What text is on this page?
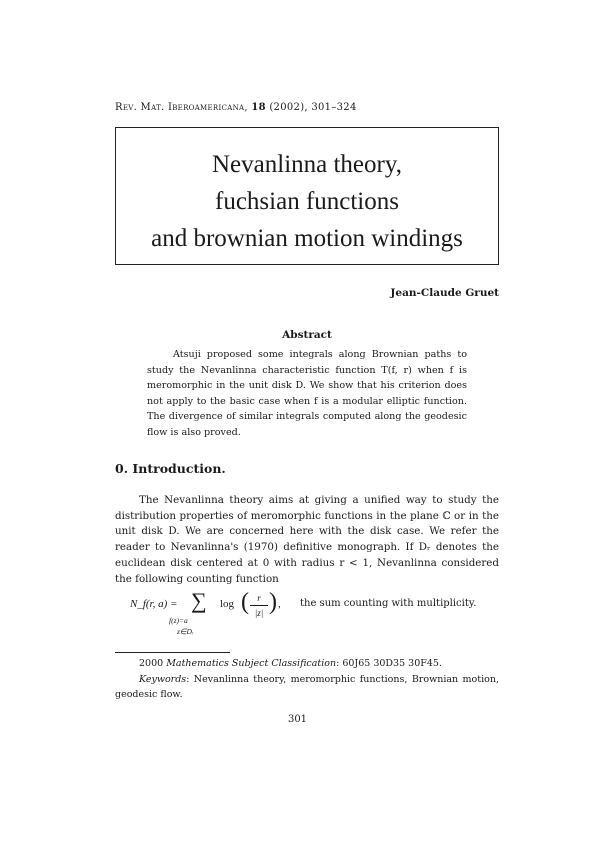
Rev. Mat. Iberoamericana, 18 (2002), 301–324
Nevanlinna theory,
fuchsian functions
and brownian motion windings
Jean-Claude Gruet
Abstract
Atsuji proposed some integrals along Brownian paths to study the Nevanlinna characteristic function T(f, r) when f is meromorphic in the unit disk D. We show that his criterion does not apply to the basic case when f is a modular elliptic function. The divergence of similar integrals computed along the geodesic flow is also proved.
0. Introduction.
The Nevanlinna theory aims at giving a unified way to study the distribution properties of meromorphic functions in the plane ℂ or in the unit disk D. We are concerned here with the disk case. We refer the reader to Nevanlinna's (1970) definitive monograph. If Dᵣ denotes the euclidean disk centered at 0 with radius r < 1, Nevanlinna considered the following counting function
N_f(r, a) = ∑
f(z)=a
z∈Dᵣ
log ( r
|z| ) , the sum counting with multiplicity.
2000 Mathematics Subject Classification: 60J65 30D35 30F45.
Keywords: Nevanlinna theory, meromorphic functions, Brownian motion, geodesic flow.
301
